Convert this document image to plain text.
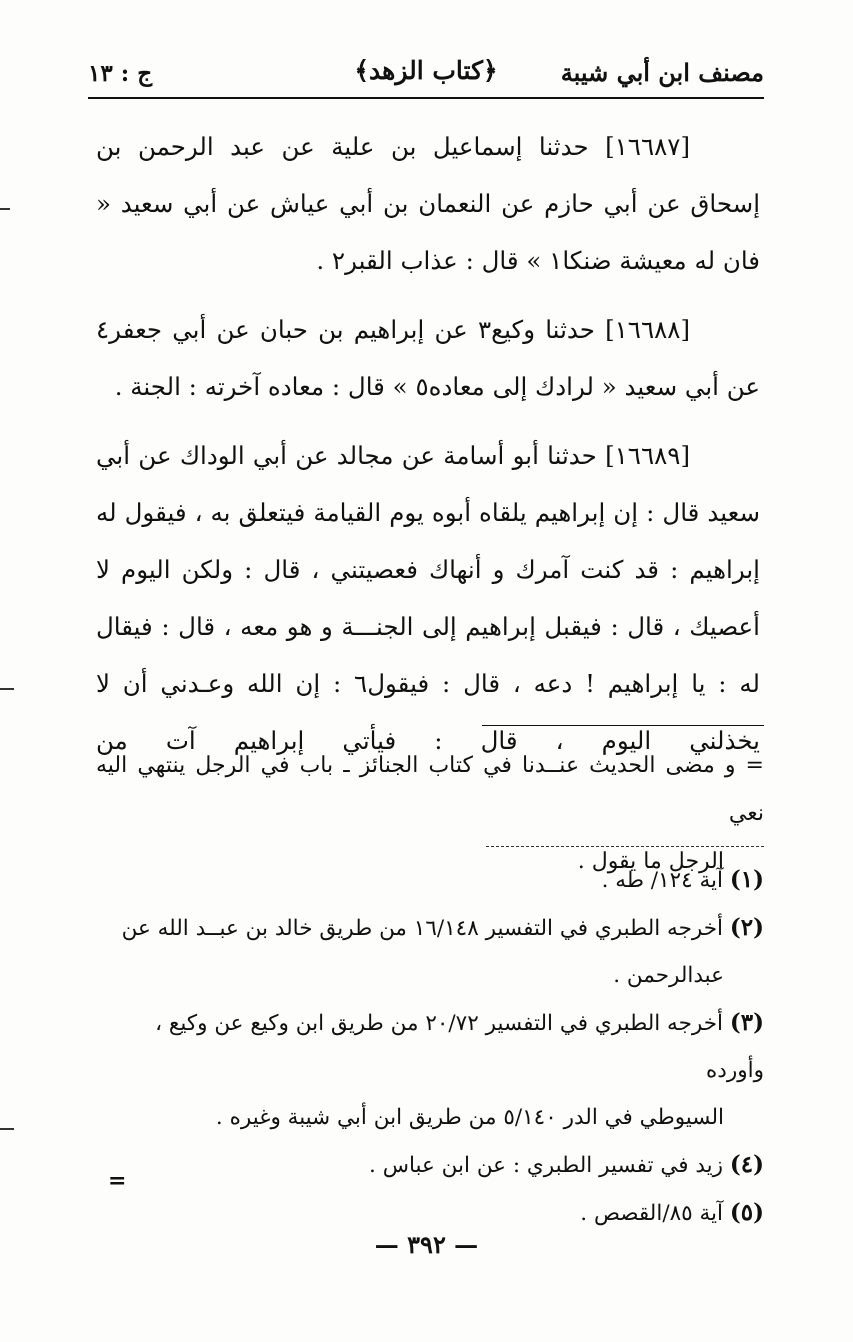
مصنف ابن أبي شيبة
﴿كتاب الزهد﴾
ج : ١٣

[١٦٦٨٧] حدثنا إسماعيل بن علية عن عبد الرحمن بن إسحاق عن أبي حازم عن النعمان بن أبي عياش عن أبي سعيد « فان له معيشة ضنكا١ » قال : عذاب القبر٢ .

[١٦٦٨٨] حدثنا وكيع٣ عن إبراهيم بن حبان عن أبي جعفر٤ عن أبي سعيد « لرادك إلى معاده٥ » قال : معاده آخرته : الجنة .

[١٦٦٨٩] حدثنا أبو أسامة عن مجالد عن أبي الوداك عن أبي سعيد قال : إن إبراهيم يلقاه أبوه يوم القيامة فيتعلق به ، فيقول له إبراهيم : قد كنت آمرك و أنهاك فعصيتني ، قال : ولكن اليوم لا أعصيك ، قال : فيقبل إبراهيم إلى الجنـــة و هو معه ، قال : فيقال له : يا إبراهيم ! دعه ، قال : فيقول٦ : إن الله وعـدني أن لا يخذلني اليوم ، قال : فيأتي إبراهيم آت من

= و مضى الحديث عنــدنا في كتاب الجنائز ـ باب في الرجل ينتهي اليه نعي
الرجل ما يقول .
(١) آية ١٢٤/ طه .
(٢) أخرجه الطبري في التفسير ١٦/١٤٨ من طريق خالد بن عبــد الله عن
عبدالرحمن .
(٣) أخرجه الطبري في التفسير ٢٠/٧٢ من طريق ابن وكيع عن وكيع ، وأورده
السيوطي في الدر ٥/١٤٠ من طريق ابن أبي شيبة وغيره .
(٤) زيد في تفسير الطبري : عن ابن عباس .
(٥) آية ٨٥/القصص .
=
— ٣٩٢ —
